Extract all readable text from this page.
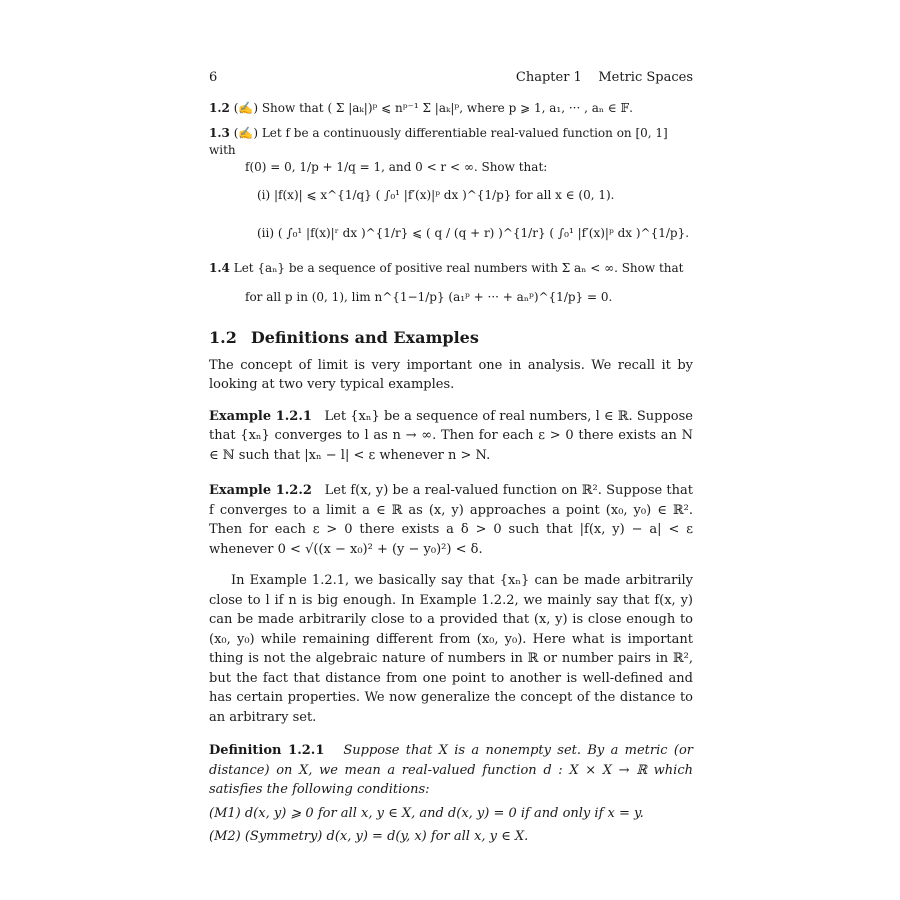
6	Chapter 1    Metric Spaces
1.2 (✍) Show that ( Σ |aₖ|)ᵖ ⩽ nᵖ⁻¹ Σ |aₖ|ᵖ, where p ⩾ 1, a₁, ··· , aₙ ∈ 𝔽.
1.3 (✍) Let f be a continuously differentiable real-valued function on [0, 1] with
f(0) = 0, 1/p + 1/q = 1, and 0 < r < ∞. Show that:
(i) |f(x)| ⩽ x^{1/q} ( ∫₀¹ |f′(x)|ᵖ dx )^{1/p} for all x ∈ (0, 1).
(ii) ( ∫₀¹ |f(x)|ʳ dx )^{1/r} ⩽ ( q / (q + r) )^{1/r} ( ∫₀¹ |f′(x)|ᵖ dx )^{1/p}.
1.4 Let {aₙ} be a sequence of positive real numbers with Σ aₙ < ∞. Show that
for all p in (0, 1), lim n^{1−1/p} (a₁ᵖ + ··· + aₙᵖ)^{1/p} = 0.
1.2 Definitions and Examples

The concept of limit is very important one in analysis. We recall it by looking at two very typical examples.

Example 1.2.1 Let {xₙ} be a sequence of real numbers, l ∈ ℝ. Suppose that {xₙ} converges to l as n → ∞. Then for each ε > 0 there exists an N ∈ ℕ such that |xₙ − l| < ε whenever n > N.

Example 1.2.2 Let f(x, y) be a real-valued function on ℝ². Suppose that f converges to a limit a ∈ ℝ as (x, y) approaches a point (x₀, y₀) ∈ ℝ². Then for each ε > 0 there exists a δ > 0 such that |f(x, y) − a| < ε whenever 0 < √((x − x₀)² + (y − y₀)²) < δ.

In Example 1.2.1, we basically say that {xₙ} can be made arbitrarily close to l if n is big enough. In Example 1.2.2, we mainly say that f(x, y) can be made arbitrarily close to a provided that (x, y) is close enough to (x₀, y₀) while remaining different from (x₀, y₀). Here what is important thing is not the algebraic nature of numbers in ℝ or number pairs in ℝ², but the fact that distance from one point to another is well-defined and has certain properties. We now generalize the concept of the distance to an arbitrary set.

Definition 1.2.1 Suppose that X is a nonempty set. By a metric (or distance) on X, we mean a real-valued function d : X × X → ℝ which satisfies the following conditions:

(M1) d(x, y) ⩾ 0 for all x, y ∈ X, and d(x, y) = 0 if and only if x = y.

(M2) (Symmetry) d(x, y) = d(y, x) for all x, y ∈ X.
